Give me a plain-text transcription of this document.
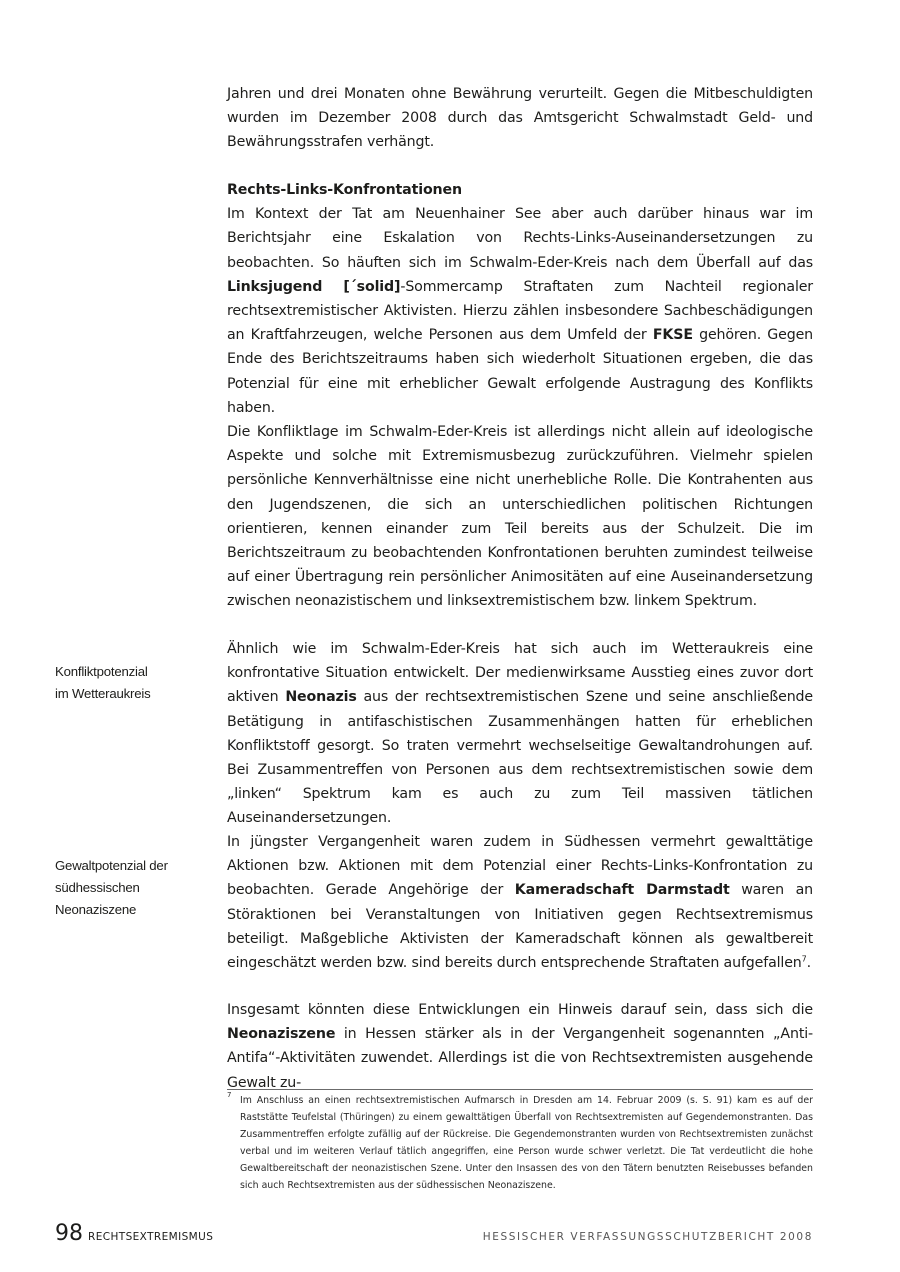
Jahren und drei Monaten ohne Bewährung verurteilt. Gegen die Mitbeschuldigten wurden im Dezember 2008 durch das Amtsgericht Schwalmstadt Geld- und Bewährungsstrafen verhängt.
Rechts-Links-Konfrontationen
Im Kontext der Tat am Neuenhainer See aber auch darüber hinaus war im Berichtsjahr eine Eskalation von Rechts-Links-Auseinandersetzungen zu beobachten. So häuften sich im Schwalm-Eder-Kreis nach dem Überfall auf das Linksjugend [´solid]-Sommercamp Straftaten zum Nachteil regionaler rechtsextremistischer Aktivisten. Hierzu zählen insbesondere Sachbeschädigungen an Kraftfahrzeugen, welche Personen aus dem Umfeld der FKSE gehören. Gegen Ende des Berichtszeitraums haben sich wiederholt Situationen ergeben, die das Potenzial für eine mit erheblicher Gewalt erfolgende Austragung des Konflikts haben.
Die Konfliktlage im Schwalm-Eder-Kreis ist allerdings nicht allein auf ideologische Aspekte und solche mit Extremismusbezug zurückzuführen. Vielmehr spielen persönliche Kennverhältnisse eine nicht unerhebliche Rolle. Die Kontrahenten aus den Jugendszenen, die sich an unterschiedlichen politischen Richtungen orientieren, kennen einander zum Teil bereits aus der Schulzeit. Die im Berichtszeitraum zu beobachtenden Konfrontationen beruhten zumindest teilweise auf einer Übertragung rein persönlicher Animositäten auf eine Auseinandersetzung zwischen neonazistischem und linksextremistischem bzw. linkem Spektrum.
Ähnlich wie im Schwalm-Eder-Kreis hat sich auch im Wetteraukreis eine konfrontative Situation entwickelt. Der medienwirksame Ausstieg eines zuvor dort aktiven Neonazis aus der rechtsextremistischen Szene und seine anschließende Betätigung in antifaschistischen Zusammenhängen hatten für erheblichen Konfliktstoff gesorgt. So traten vermehrt wechselseitige Gewaltandrohungen auf. Bei Zusammentreffen von Personen aus dem rechtsextremistischen sowie dem „linken“ Spektrum kam es auch zu zum Teil massiven tätlichen Auseinandersetzungen.
In jüngster Vergangenheit waren zudem in Südhessen vermehrt gewalttätige Aktionen bzw. Aktionen mit dem Potenzial einer Rechts-Links-Konfrontation zu beobachten. Gerade Angehörige der Kameradschaft Darmstadt waren an Störaktionen bei Veranstaltungen von Initiativen gegen Rechtsextremismus beteiligt. Maßgebliche Aktivisten der Kameradschaft können als gewaltbereit eingeschätzt werden bzw. sind bereits durch entsprechende Straftaten aufgefallen$^7$.
Insgesamt könnten diese Entwicklungen ein Hinweis darauf sein, dass sich die Neonaziszene in Hessen stärker als in der Vergangenheit sogenannten „Anti-Antifa“-Aktivitäten zuwendet. Allerdings ist die von Rechtsextremisten ausgehende Gewalt zu-
Konfliktpotenzial
im Wetteraukreis
Gewaltpotenzial der
südhessischen Neonaziszene
7 Im Anschluss an einen rechtsextremistischen Aufmarsch in Dresden am 14. Februar 2009 (s. S. 91) kam es auf der Raststätte Teufelstal (Thüringen) zu einem gewalttätigen Überfall von Rechtsextremisten auf Gegendemonstranten. Das Zusammentreffen erfolgte zufällig auf der Rückreise. Die Gegendemonstranten wurden von Rechtsextremisten zunächst verbal und im weiteren Verlauf tätlich angegriffen, eine Person wurde schwer verletzt. Die Tat verdeutlicht die hohe Gewaltbereitschaft der neonazistischen Szene. Unter den Insassen des von den Tätern benutzten Reisebusses befanden sich auch Rechtsextremisten aus der südhessischen Neonaziszene.
98 RECHTSEXTREMISMUS	HESSISCHER VERFASSUNGSSCHUTZBERICHT 2008
